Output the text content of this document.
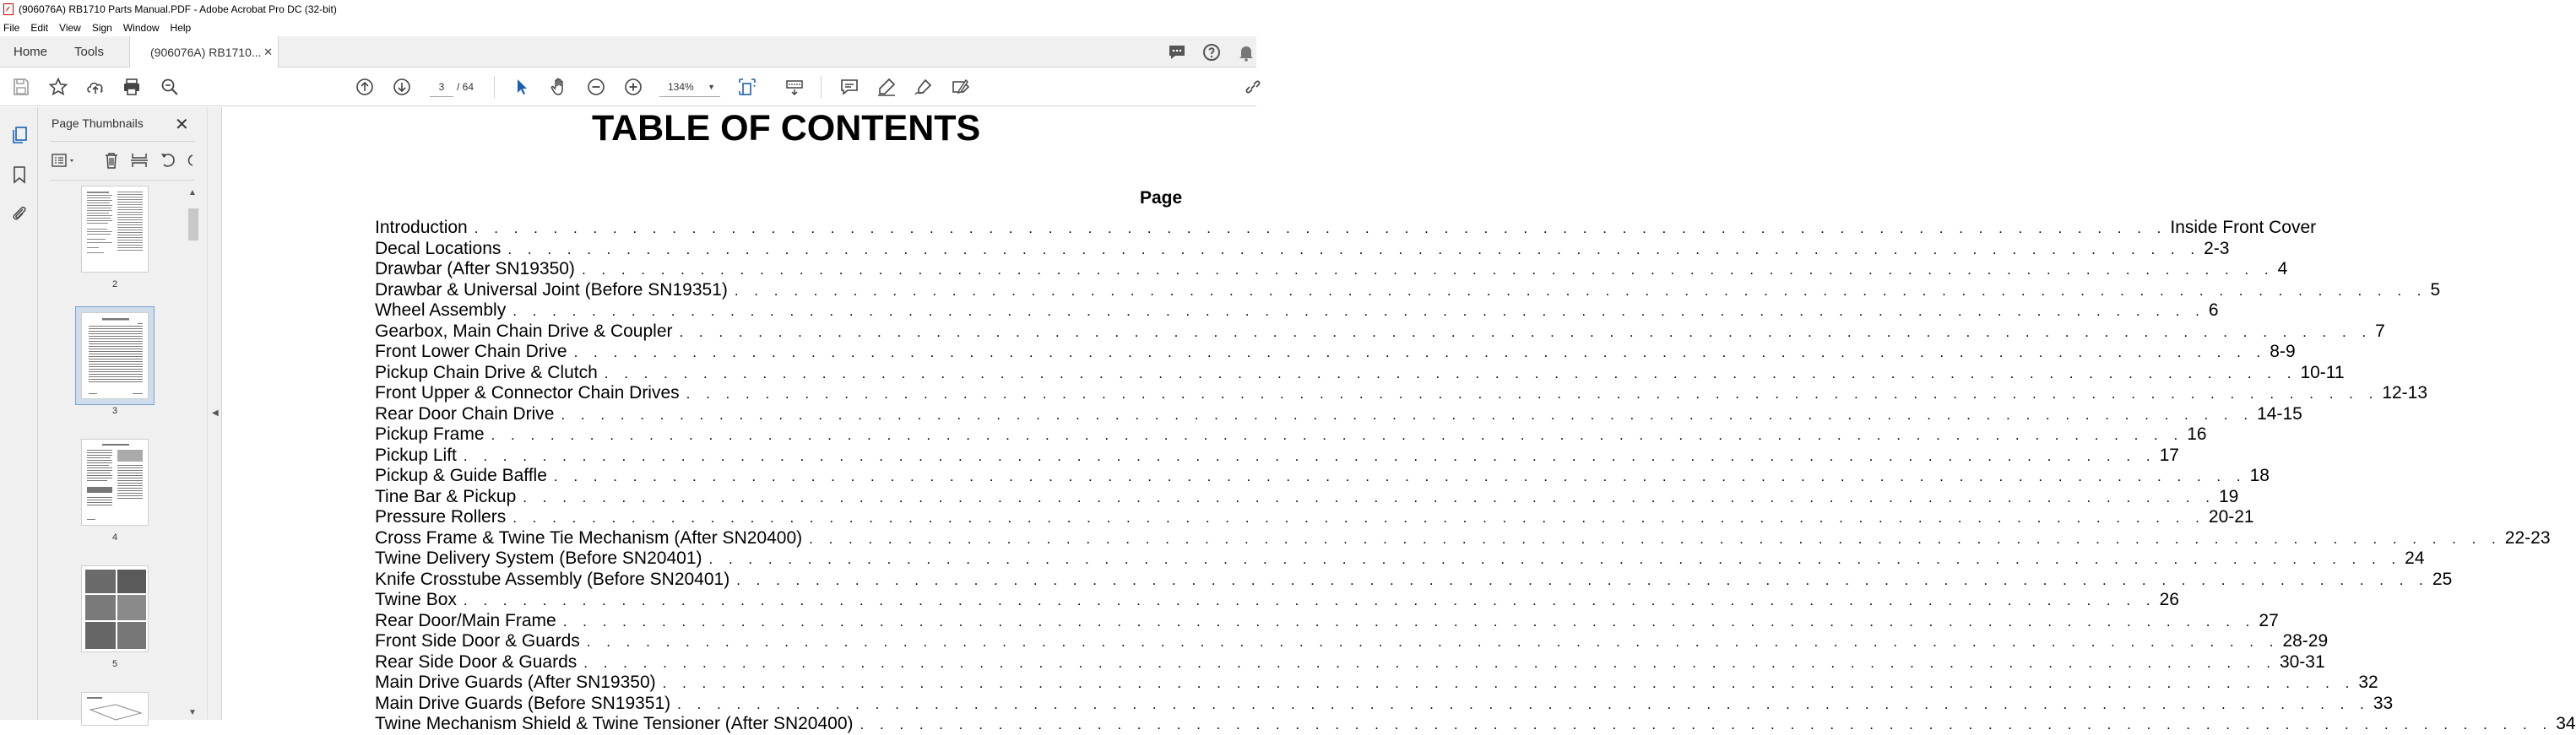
(906076A) RB1710 Parts Manual.PDF - Adobe Acrobat Pro DC (32-bit)
File Edit View Sign Window Help
Home Tools	(906076A) RB1710... ✕
3	/ 64	134% ▼
Page Thumbnails ✕
2
3
4
5
▲
▼
◀
TABLE OF CONTENTS
Page
Introduction . . .	Inside Front Cover
Decal Locations . . .	2-3
Drawbar (After SN19350) . . .	4
Drawbar & Universal Joint (Before SN19351) . . .	5
Wheel Assembly . . .	6
Gearbox, Main Chain Drive & Coupler . . .	7
Front Lower Chain Drive . . .	8-9
Pickup Chain Drive & Clutch . . .	10-11
Front Upper & Connector Chain Drives . . .	12-13
Rear Door Chain Drive . . .	14-15
Pickup Frame . . .	16
Pickup Lift . . .	17
Pickup & Guide Baffle . . .	18
Tine Bar & Pickup . . .	19
Pressure Rollers . . .	20-21
Cross Frame & Twine Tie Mechanism (After SN20400) . . .	22-23
Twine Delivery System (Before SN20401) . . .	24
Knife Crosstube Assembly (Before SN20401) . . .	25
Twine Box . . .	26
Rear Door/Main Frame . . .	27
Front Side Door & Guards . . .	28-29
Rear Side Door & Guards . . .	30-31
Main Drive Guards (After SN19350) . . .	32
Main Drive Guards (Before SN19351) . . .	33
Twine Mechanism Shield & Twine Tensioner (After SN20400) . . .	34
